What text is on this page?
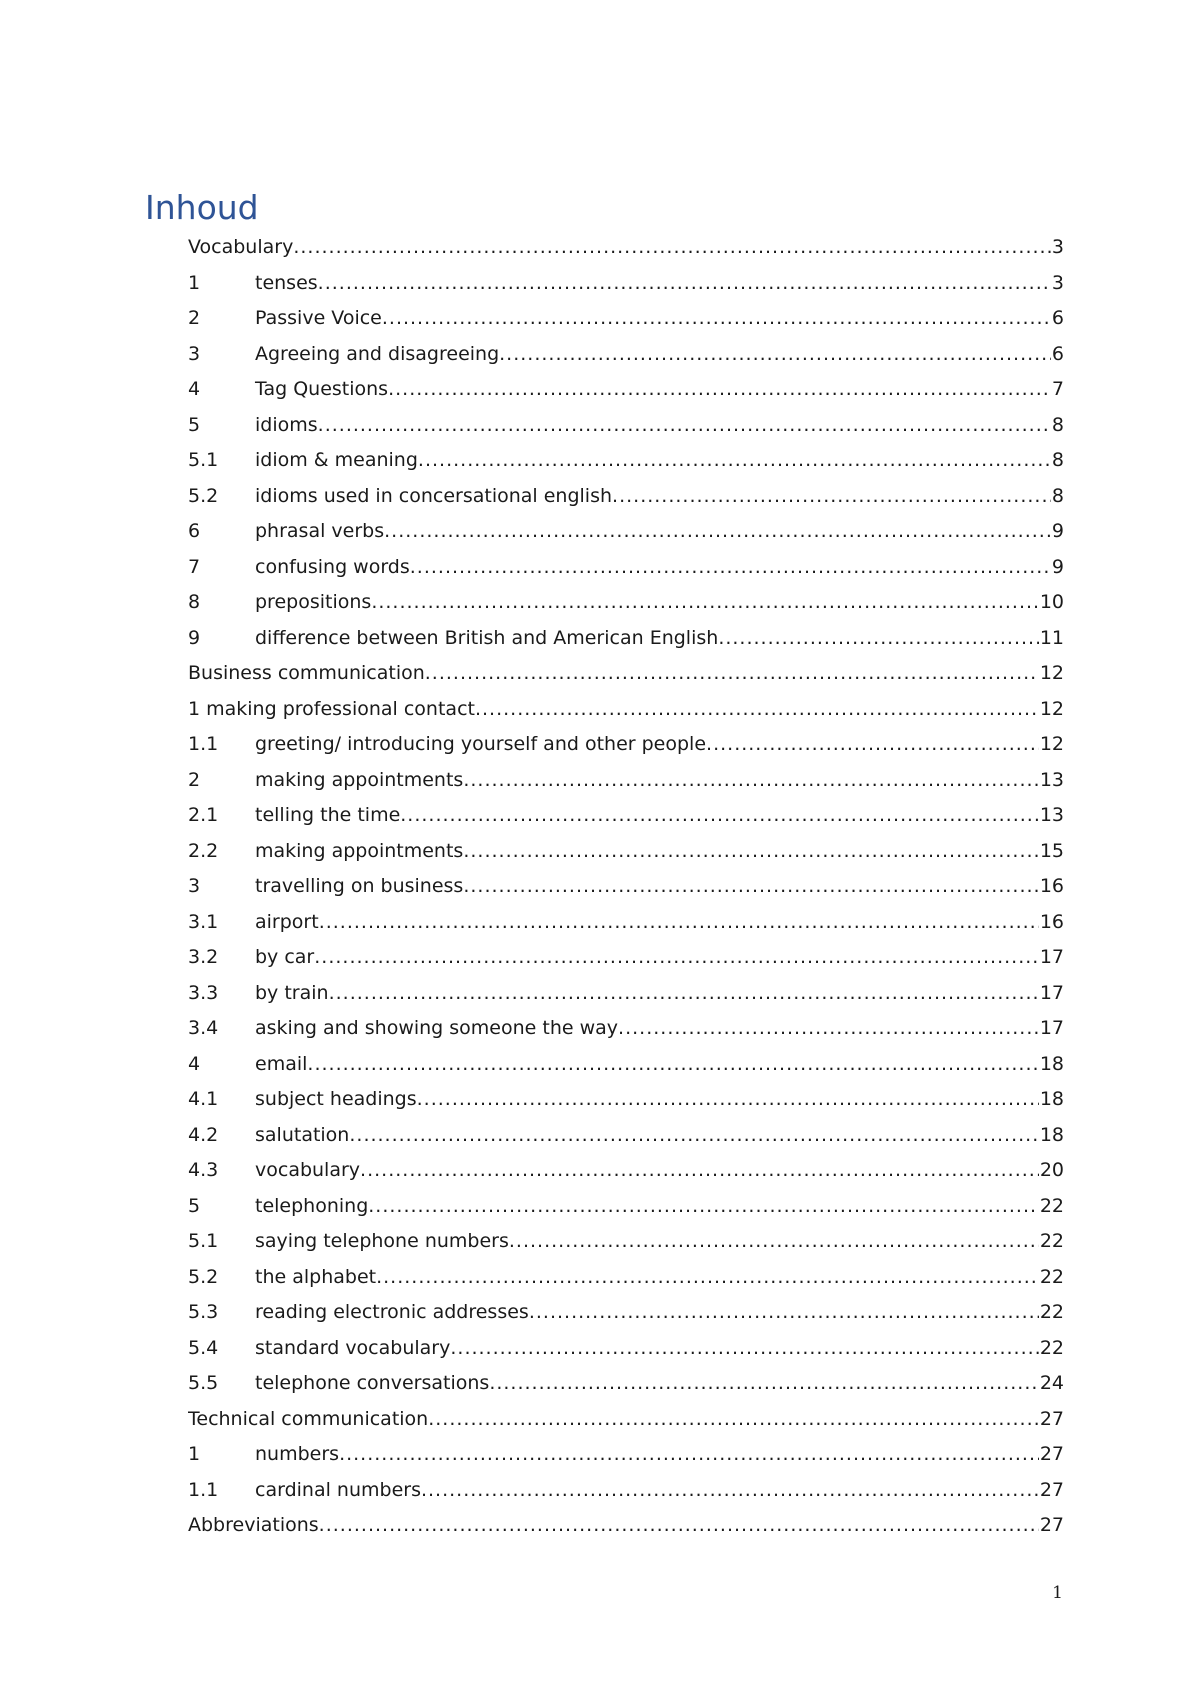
Inhoud
Vocabulary .....	3
1	tenses .....	3
2	Passive Voice .....	6
3	Agreeing and disagreeing .....	6
4	Tag Questions .....	7
5	idioms .....	8
5.1	idiom & meaning .....	8
5.2	idioms used in concersational english .....	8
6	phrasal verbs .....	9
7	confusing words .....	9
8	prepositions .....	10
9	difference between British and American English .....	11
Business communication .....	12
1 making professional contact .....	12
1.1	greeting/ introducing yourself and other people .....	12
2	making appointments .....	13
2.1	telling the time .....	13
2.2	making appointments .....	15
3	travelling on business .....	16
3.1	airport .....	16
3.2	by car .....	17
3.3	by train .....	17
3.4	asking and showing someone the way .....	17
4	email .....	18
4.1	subject headings .....	18
4.2	salutation .....	18
4.3	vocabulary .....	20
5	telephoning .....	22
5.1	saying telephone numbers .....	22
5.2	the alphabet .....	22
5.3	reading electronic addresses .....	22
5.4	standard vocabulary .....	22
5.5	telephone conversations .....	24
Technical communication .....	27
1	numbers .....	27
1.1	cardinal numbers .....	27
Abbreviations .....	27
1
